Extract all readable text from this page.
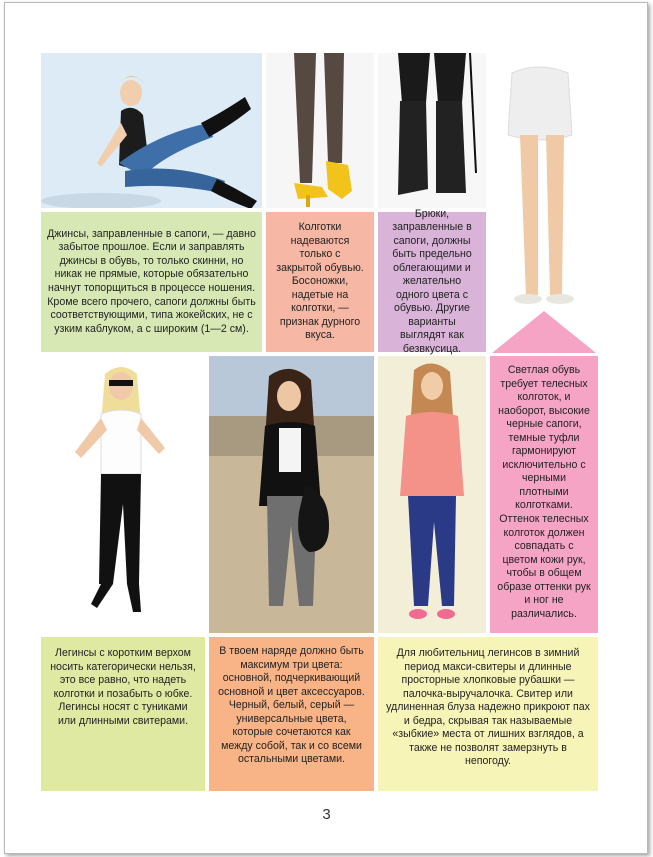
Джинсы, заправленные в сапоги, — давно забытое прошлое. Если и заправлять джинсы в обувь, то только скинни, но никак не прямые, которые обязательно начнут топорщиться в процессе ношения. Кроме всего прочего, сапоги должны быть соответствующими, типа жокейских, не с узким каблуком, а с широким (1—2 см).
Колготки надеваются только с закрытой обувью. Босоножки, надетые на колготки, — признак дурного вкуса.
Брюки, заправленные в сапоги, должны быть предельно облегающими и желательно одного цвета с обувью. Другие варианты выглядят как безвкусица.
Светлая обувь требует телесных колготок, и наоборот, высокие черные сапоги, темные туфли гармонируют исключительно с черными плотными колготками. Оттенок телесных колготок должен совпадать с цветом кожи рук, чтобы в общем образе оттенки рук и ног не различались.
Легинсы с коротким верхом носить категорически нельзя, это все равно, что надеть колготки и позабыть о юбке. Легинсы носят с туниками или длинными свитерами.
В твоем наряде должно быть максимум три цвета: основной, подчеркивающий основной и цвет аксессуаров. Черный, белый, серый — универсальные цвета, которые сочетаются как между собой, так и со всеми остальными цветами.
Для любительниц легинсов в зимний период макси-свитеры и длинные просторные хлопковые рубашки — палочка-выручалочка. Свитер или удлиненная блуза надежно прикроют пах и бедра, скрывая так называемые «зыбкие» места от лишних взглядов, а также не позволят замерзнуть в непогоду.
3
